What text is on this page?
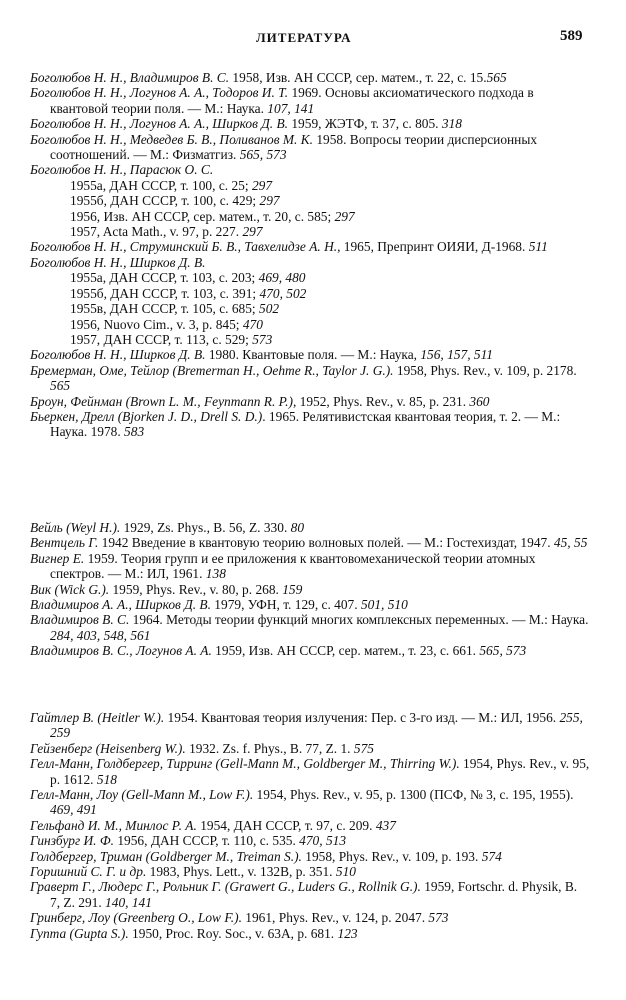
ЛИТЕРАТУРА	589

Боголюбов Н. Н., Владимиров В. С. 1958, Изв. АН СССР, сер. матем., т. 22, с. 15.565

Боголюбов Н. Н., Логунов А. А., Тодоров И. Т. 1969. Основы аксиоматического подхода в квантовой теории поля. — М.: Наука. 107, 141

Боголюбов Н. Н., Логунов А. А., Ширков Д. В. 1959, ЖЭТФ, т. 37, с. 805. 318

Боголюбов Н. Н., Медведев Б. В., Поливанов М. К. 1958. Вопросы теории дисперсионных соотношений. — М.: Физматгиз. 565, 573

Боголюбов Н. Н., Парасюк О. С.

1955a, ДАН СССР, т. 100, с. 25; 297

1955б, ДАН СССР, т. 100, с. 429; 297

1956, Изв. АН СССР, сер. матем., т. 20, с. 585; 297

1957, Acta Math., v. 97, p. 227. 297

Боголюбов Н. Н., Струминский Б. В., Тавхелидзе А. Н., 1965, Препринт ОИЯИ, Д-1968. 511

Боголюбов Н. Н., Ширков Д. В.

1955a, ДАН СССР, т. 103, с. 203; 469, 480

1955б, ДАН СССР, т. 103, с. 391; 470, 502

1955в, ДАН СССР, т. 105, с. 685; 502

1956, Nuovo Cim., v. 3, p. 845; 470

1957, ДАН СССР, т. 113, с. 529; 573

Боголюбов Н. Н., Ширков Д. В. 1980. Квантовые поля. — М.: Наука, 156, 157, 511

Бремерман, Оме, Тейлор (Bremerman H., Oehme R., Taylor J. G.). 1958, Phys. Rev., v. 109, p. 2178. 565

Броун, Фейнман (Brown L. M., Feynmann R. P.), 1952, Phys. Rev., v. 85, p. 231. 360

Бьеркен, Дрелл (Bjorken J. D., Drell S. D.). 1965. Релятивистская квантовая теория, т. 2. — М.: Наука. 1978. 583

Вейль (Weyl H.). 1929, Zs. Phys., B. 56, Z. 330. 80

Вентцель Г. 1942 Введение в квантовую теорию волновых полей. — М.: Гостехиздат, 1947. 45, 55

Вигнер Е. 1959. Теория групп и ее приложения к квантовомеханической теории атомных спектров. — М.: ИЛ, 1961. 138

Вик (Wick G.). 1959, Phys. Rev., v. 80, p. 268. 159

Владимиров А. А., Ширков Д. В. 1979, УФН, т. 129, с. 407. 501, 510

Владимиров В. С. 1964. Методы теории функций многих комплексных переменных. — М.: Наука. 284, 403, 548, 561

Владимиров В. С., Логунов А. А. 1959, Изв. АН СССР, сер. матем., т. 23, с. 661. 565, 573

Гайтлер В. (Heitler W.). 1954. Квантовая теория излучения: Пер. с 3-го изд. — М.: ИЛ, 1956. 255, 259

Гейзенберг (Heisenberg W.). 1932. Zs. f. Phys., B. 77, Z. 1. 575

Гелл-Манн, Голдбергер, Тирринг (Gell-Mann M., Goldberger M., Thirring W.). 1954, Phys. Rev., v. 95, p. 1612. 518

Гелл-Манн, Лоу (Gell-Mann M., Low F.). 1954, Phys. Rev., v. 95, p. 1300 (ПСФ, № 3, с. 195, 1955). 469, 491

Гельфанд И. М., Минлос Р. А. 1954, ДАН СССР, т. 97, с. 209. 437

Гинзбург И. Ф. 1956, ДАН СССР, т. 110, с. 535. 470, 513

Голдбергер, Триман (Goldberger M., Treiman S.). 1958, Phys. Rev., v. 109, p. 193. 574

Горишний С. Г. и др. 1983, Phys. Lett., v. 132B, p. 351. 510

Граверт Г., Людерс Г., Рольник Г. (Grawert G., Luders G., Rollnik G.). 1959, Fortschr. d. Physik, B. 7, Z. 291. 140, 141

Гринберг, Лоу (Greenberg O., Low F.). 1961, Phys. Rev., v. 124, p. 2047. 573

Гупта (Gupta S.). 1950, Proc. Roy. Soc., v. 63A, p. 681. 123
